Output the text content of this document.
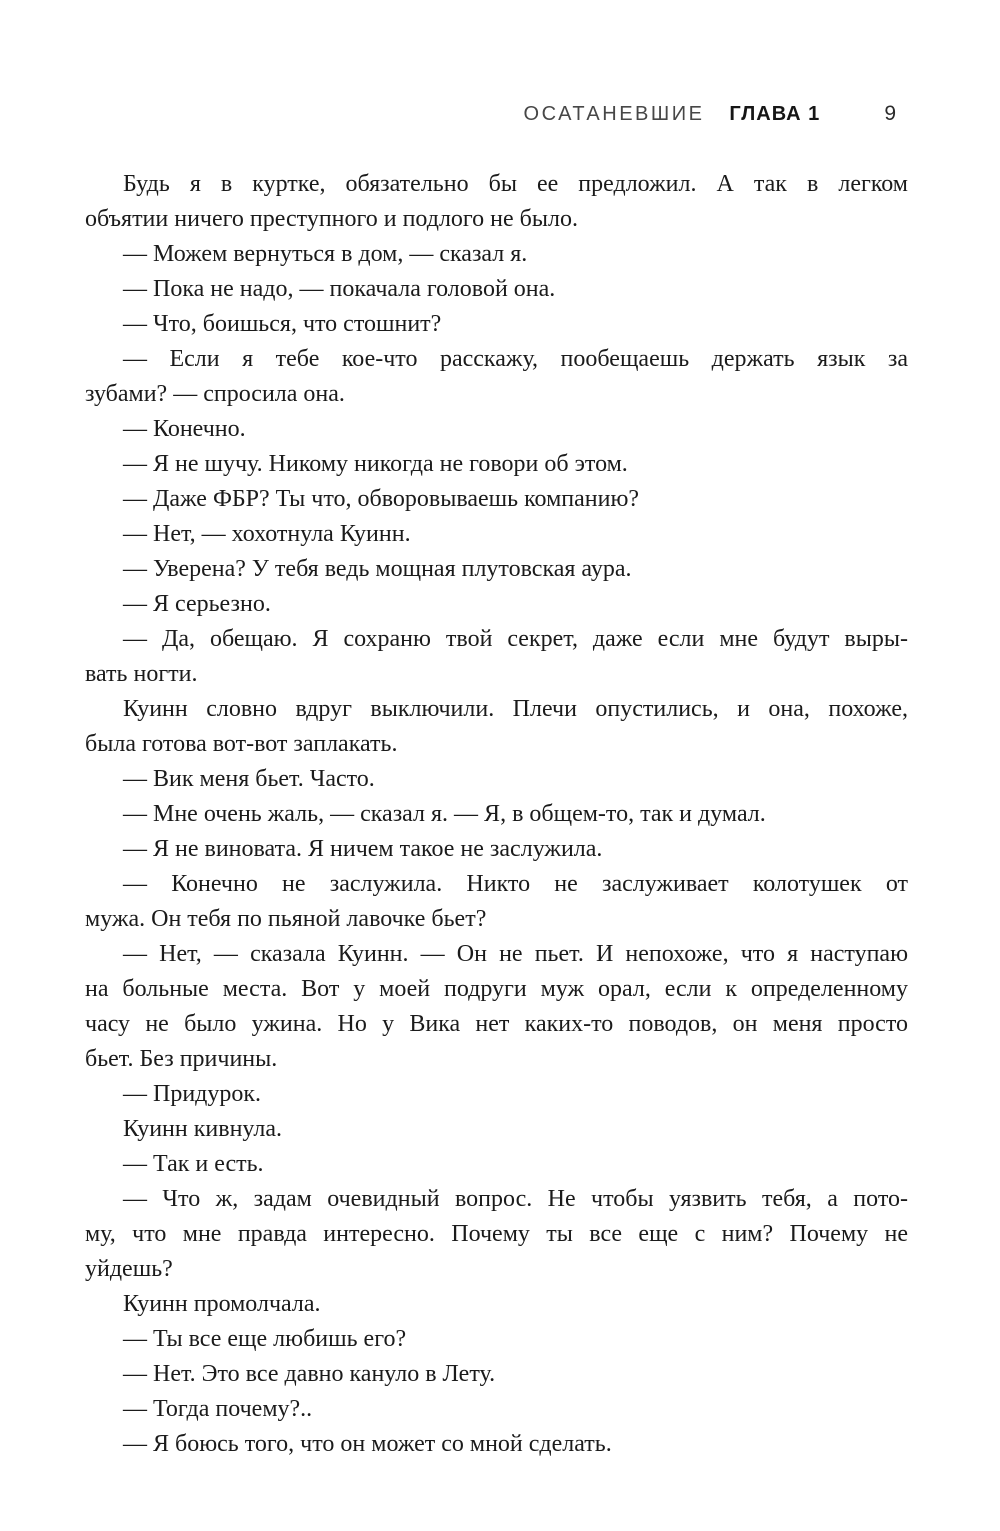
ОСАТАНЕВШИЕ ГЛАВА 1	9

Будь я в куртке, обязательно бы ее предложил. А так в легком
объятии ничего преступного и подлого не было.

— Можем вернуться в дом, — сказал я.

— Пока не надо, — покачала головой она.

— Что, боишься, что стошнит?

— Если я тебе кое-что расскажу, пообещаешь держать язык за
зубами? — спросила она.

— Конечно.

— Я не шучу. Никому никогда не говори об этом.

— Даже ФБР? Ты что, обворовываешь компанию?

— Нет, — хохотнула Куинн.

— Уверена? У тебя ведь мощная плутовская аура.

— Я серьезно.

— Да, обещаю. Я сохраню твой секрет, даже если мне будут выры-
вать ногти.

Куинн словно вдруг выключили. Плечи опустились, и она, похоже,
была готова вот-вот заплакать.

— Вик меня бьет. Часто.

— Мне очень жаль, — сказал я. — Я, в общем-то, так и думал.

— Я не виновата. Я ничем такое не заслужила.

— Конечно не заслужила. Никто не заслуживает колотушек от
мужа. Он тебя по пьяной лавочке бьет?

— Нет, — сказала Куинн. — Он не пьет. И непохоже, что я наступаю
на больные места. Вот у моей подруги муж орал, если к определенному
часу не было ужина. Но у Вика нет каких-то поводов, он меня просто
бьет. Без причины.

— Придурок.

Куинн кивнула.

— Так и есть.

— Что ж, задам очевидный вопрос. Не чтобы уязвить тебя, а пото-
му, что мне правда интересно. Почему ты все еще с ним? Почему не
уйдешь?

Куинн промолчала.

— Ты все еще любишь его?

— Нет. Это все давно кануло в Лету.

— Тогда почему?..

— Я боюсь того, что он может со мной сделать.
